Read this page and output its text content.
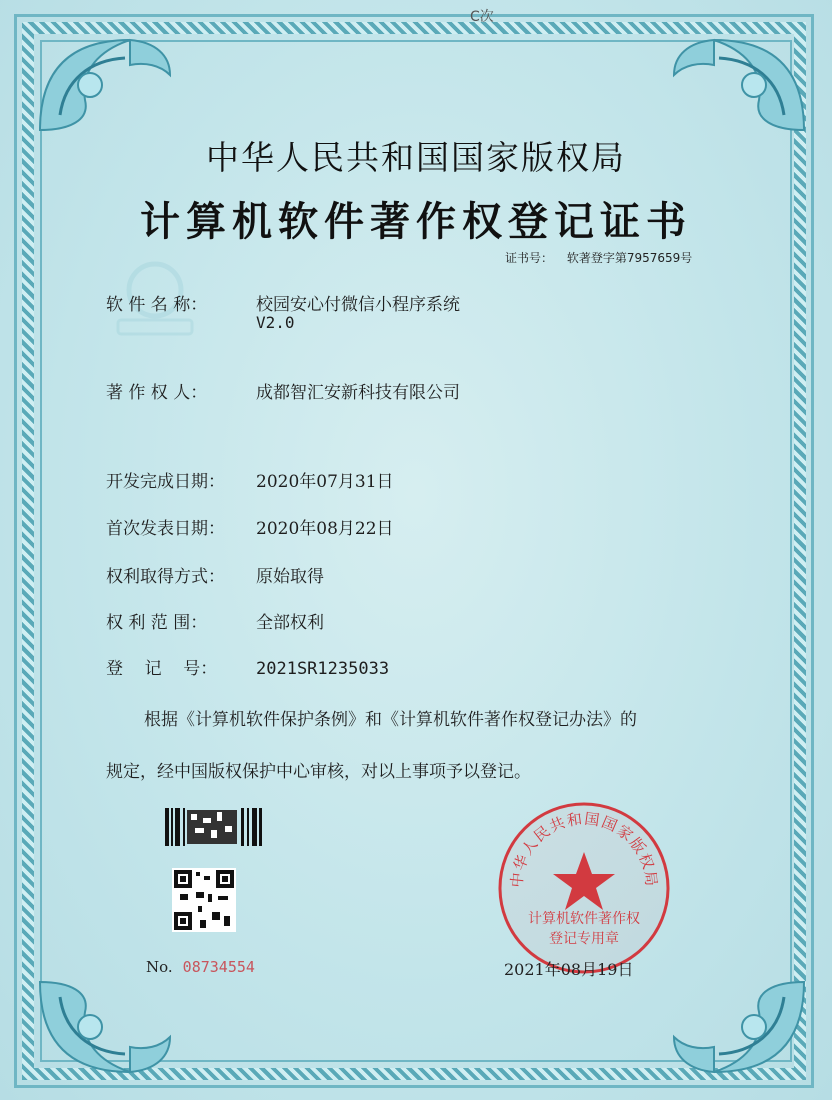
C次
中华人民共和国国家版权局
计算机软件著作权登记证书
证书号： 软著登字第7957659号
软 件 名 称：	校园安心付微信小程序系统
V2.0
著 作 权 人：	成都智汇安新科技有限公司
开发完成日期： 2020年07月31日
首次发表日期： 2020年08月22日
权利取得方式： 原始取得
权 利 范 围：	全部权利
登    记    号： 2021SR1235033
根据《计算机软件保护条例》和《计算机软件著作权登记办法》的
规定，经中国版权保护中心审核，对以上事项予以登记。
No. 08734554
中华人民共和国国家版权局
计算机软件著作权
登记专用章
2021年08月19日
